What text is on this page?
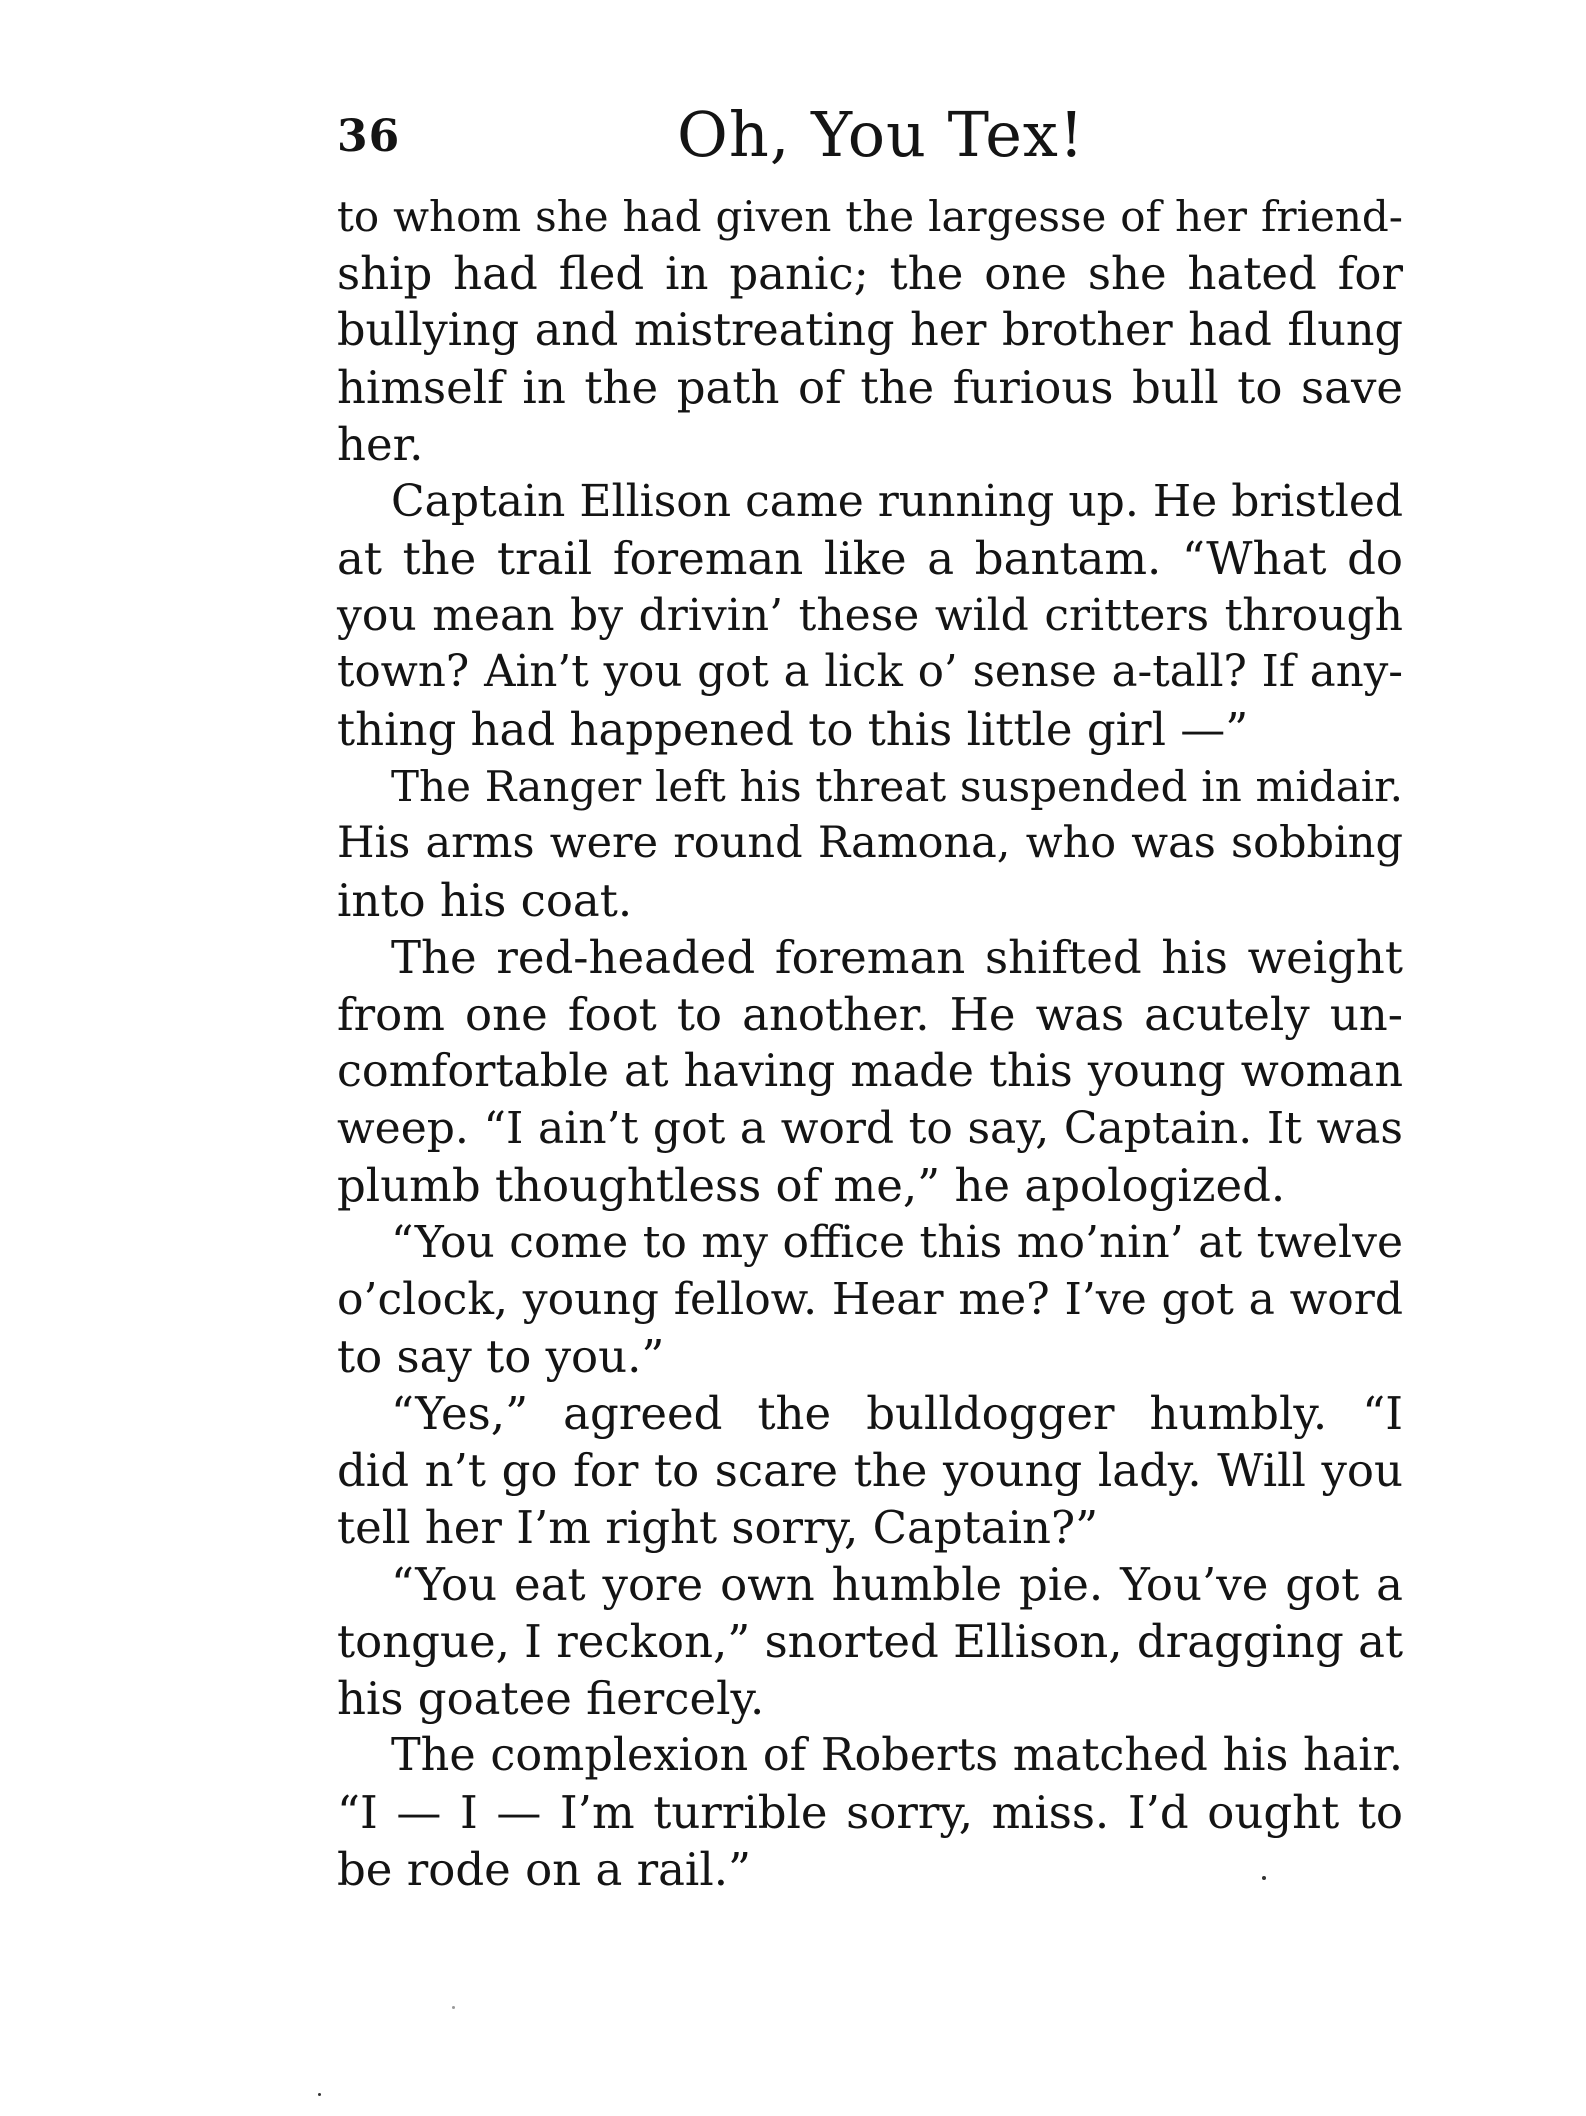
36	Oh, You Tex!
to whom she had given the largesse of her friend-
ship had fled in panic; the one she hated for
bullying and mistreating her brother had flung
himself in the path of the furious bull to save
her.
Captain Ellison came running up. He bristled
at the trail foreman like a bantam. “What do
you mean by drivin’ these wild critters through
town? Ain’t you got a lick o’ sense a-tall? If any-
thing had happened to this little girl —”
The Ranger left his threat suspended in midair.
His arms were round Ramona, who was sobbing
into his coat.
The red-headed foreman shifted his weight
from one foot to another. He was acutely un-
comfortable at having made this young woman
weep. “I ain’t got a word to say, Captain. It was
plumb thoughtless of me,” he apologized.
“You come to my office this mo’nin’ at twelve
o’clock, young fellow. Hear me? I’ve got a word
to say to you.”
“Yes,” agreed the bulldogger humbly. “I
did n’t go for to scare the young lady. Will you
tell her I’m right sorry, Captain?”
“You eat yore own humble pie. You’ve got a
tongue, I reckon,” snorted Ellison, dragging at
his goatee fiercely.
The complexion of Roberts matched his hair.
“I — I — I’m turrible sorry, miss. I’d ought to
be rode on a rail.”
